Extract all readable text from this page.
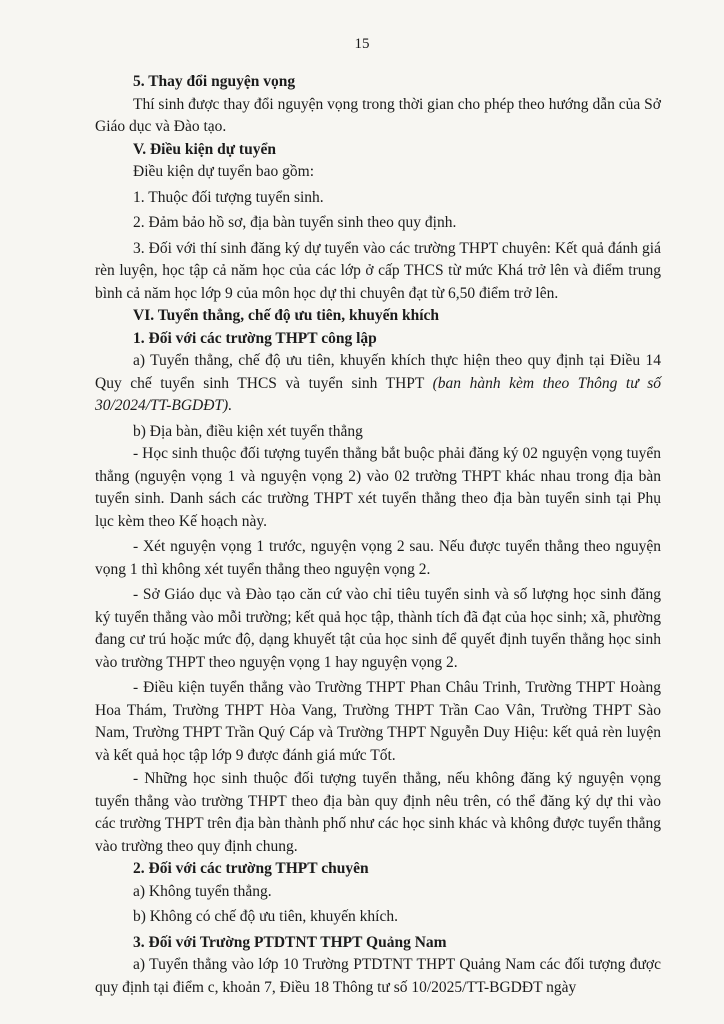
15

5. Thay đổi nguyện vọng

Thí sinh được thay đổi nguyện vọng trong thời gian cho phép theo hướng dẫn của Sở Giáo dục và Đào tạo.

V. Điều kiện dự tuyển

Điều kiện dự tuyển bao gồm:

1. Thuộc đối tượng tuyển sinh.

2. Đảm bảo hồ sơ, địa bàn tuyển sinh theo quy định.

3. Đối với thí sinh đăng ký dự tuyển vào các trường THPT chuyên: Kết quả đánh giá rèn luyện, học tập cả năm học của các lớp ở cấp THCS từ mức Khá trở lên và điểm trung bình cả năm học lớp 9 của môn học dự thi chuyên đạt từ 6,50 điểm trở lên.

VI. Tuyển thẳng, chế độ ưu tiên, khuyến khích

1. Đối với các trường THPT công lập

a) Tuyển thẳng, chế độ ưu tiên, khuyến khích thực hiện theo quy định tại Điều 14 Quy chế tuyển sinh THCS và tuyển sinh THPT (ban hành kèm theo Thông tư số 30/2024/TT-BGDĐT).

b) Địa bàn, điều kiện xét tuyển thẳng

- Học sinh thuộc đối tượng tuyển thẳng bắt buộc phải đăng ký 02 nguyện vọng tuyển thẳng (nguyện vọng 1 và nguyện vọng 2) vào 02 trường THPT khác nhau trong địa bàn tuyển sinh. Danh sách các trường THPT xét tuyển thẳng theo địa bàn tuyển sinh tại Phụ lục kèm theo Kế hoạch này.

- Xét nguyện vọng 1 trước, nguyện vọng 2 sau. Nếu được tuyển thẳng theo nguyện vọng 1 thì không xét tuyển thẳng theo nguyện vọng 2.

- Sở Giáo dục và Đào tạo căn cứ vào chỉ tiêu tuyển sinh và số lượng học sinh đăng ký tuyển thẳng vào mỗi trường; kết quả học tập, thành tích đã đạt của học sinh; xã, phường đang cư trú hoặc mức độ, dạng khuyết tật của học sinh để quyết định tuyển thẳng học sinh vào trường THPT theo nguyện vọng 1 hay nguyện vọng 2.

- Điều kiện tuyển thẳng vào Trường THPT Phan Châu Trinh, Trường THPT Hoàng Hoa Thám, Trường THPT Hòa Vang, Trường THPT Trần Cao Vân, Trường THPT Sào Nam, Trường THPT Trần Quý Cáp và Trường THPT Nguyễn Duy Hiệu: kết quả rèn luyện và kết quả học tập lớp 9 được đánh giá mức Tốt.

- Những học sinh thuộc đối tượng tuyển thẳng, nếu không đăng ký nguyện vọng tuyển thẳng vào trường THPT theo địa bàn quy định nêu trên, có thể đăng ký dự thi vào các trường THPT trên địa bàn thành phố như các học sinh khác và không được tuyển thẳng vào trường theo quy định chung.

2. Đối với các trường THPT chuyên

a) Không tuyển thẳng.

b) Không có chế độ ưu tiên, khuyến khích.

3. Đối với Trường PTDTNT THPT Quảng Nam

a) Tuyển thẳng vào lớp 10 Trường PTDTNT THPT Quảng Nam các đối tượng được quy định tại điểm c, khoản 7, Điều 18 Thông tư số 10/2025/TT-BGDĐT ngày
